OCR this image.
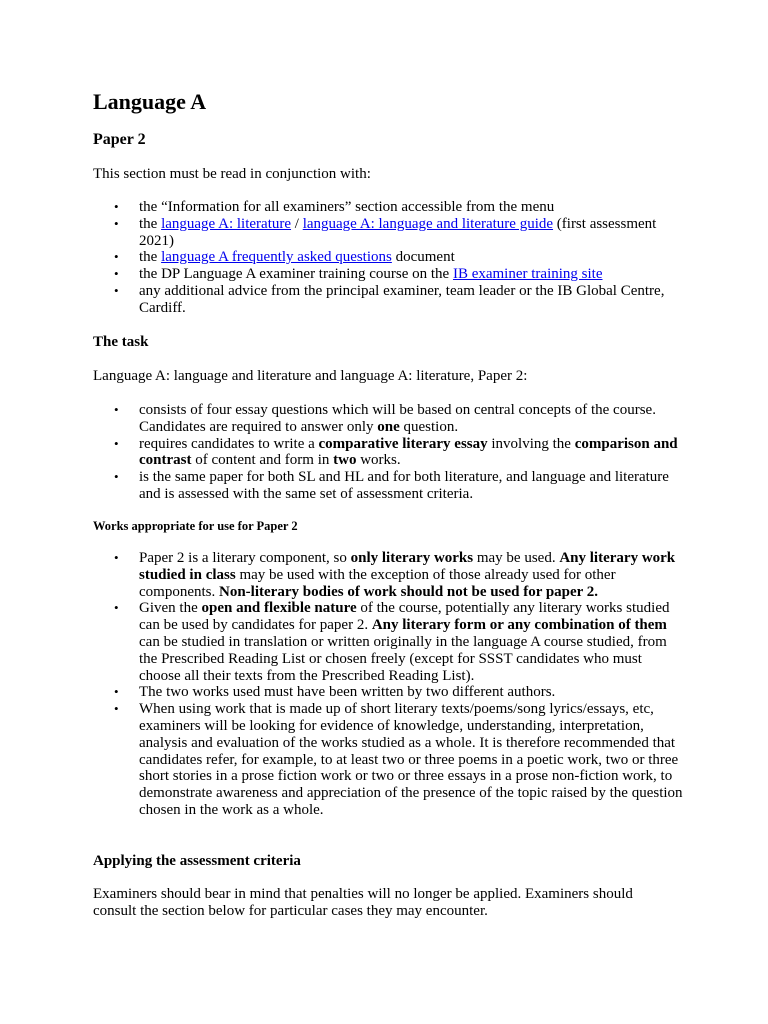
Language A
Paper 2

This section must be read in conjunction with:

• the “Information for all examiners” section accessible from the menu
• the language A: literature / language A: language and literature guide (first assessment 2021)
• the language A frequently asked questions document
• the DP Language A examiner training course on the IB examiner training site
• any additional advice from the principal examiner, team leader or the IB Global Centre, Cardiff.
The task

Language A: language and literature and language A: literature, Paper 2:

• consists of four essay questions which will be based on central concepts of the course. Candidates are required to answer only one question.
• requires candidates to write a comparative literary essay involving the comparison and contrast of content and form in two works.
• is the same paper for both SL and HL and for both literature, and language and literature and is assessed with the same set of assessment criteria.
Works appropriate for use for Paper 2
• Paper 2 is a literary component, so only literary works may be used. Any literary work studied in class may be used with the exception of those already used for other components. Non-literary bodies of work should not be used for paper 2.
• Given the open and flexible nature of the course, potentially any literary works studied can be used by candidates for paper 2. Any literary form or any combination of them can be studied in translation or written originally in the language A course studied, from the Prescribed Reading List or chosen freely (except for SSST candidates who must choose all their texts from the Prescribed Reading List).
• The two works used must have been written by two different authors.
• When using work that is made up of short literary texts/poems/song lyrics/essays, etc, examiners will be looking for evidence of knowledge, understanding, interpretation, analysis and evaluation of the works studied as a whole. It is therefore recommended that candidates refer, for example, to at least two or three poems in a poetic work, two or three short stories in a prose fiction work or two or three essays in a prose non-fiction work, to demonstrate awareness and appreciation of the presence of the topic raised by the question chosen in the work as a whole.
Applying the assessment criteria

Examiners should bear in mind that penalties will no longer be applied. Examiners should consult the section below for particular cases they may encounter.
